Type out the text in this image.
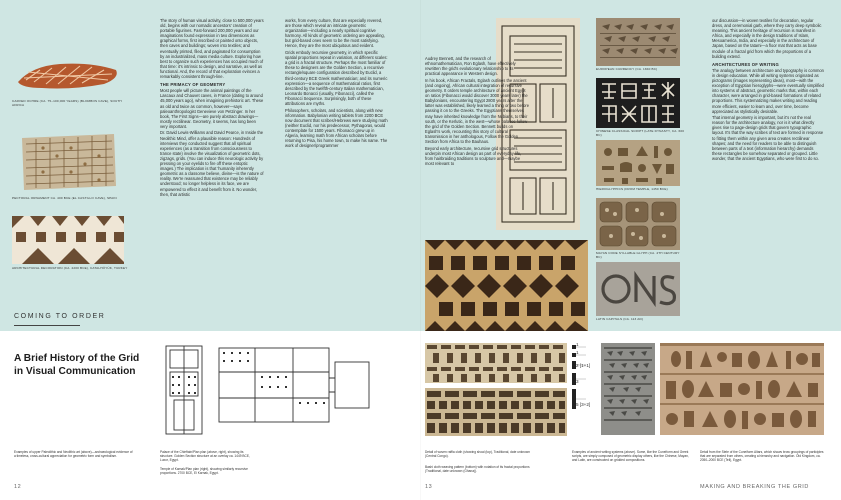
CARVED OCHRE (CA. 75–100,000 YEARS) (BLOMBOS CAVE), SOUTH AFRICA
PECTORAL ORNAMENT CA. 400 BCE (EL CASTILLO CAVE), SPAIN
ARCHITECTURAL DECORATION (CA. 2200 BCE), CATALHÖYÜK, TURKEY

The story of human visual activity, close to 500,000 years old, begins with our nomadic ancestors' creation of portable figurines. Fast-forward 200,000 years and our imaginations found expression in two dimensions as graphical forms, first inscribed or painted onto objects, then caves and buildings; woven into textiles; and eventually printed, filed, and paginated for consumption by an industrialized, mass media culture. Exploring how best to organize such experiences has occupied much of that time: it's intrinsic to design, and narrative, as well as functional. And, the record of that exploration evinces a remarkably consistent through-line.

THE PRIMACY OF GEOMETRY

Most people will picture the animal paintings of the Lascaux and Chauvet caves, in France (dating to around 45,000 years ago), when imagining prehistoric art. These as old and twice as common, however—says paleoanthropologist Genevieve von Petzinger. In her book, The First Signs—are purely abstract drawings—mostly rectilinear. Geometry, it seems, has long been very important.

Dr. David Lewis-Williams and David Pearce, in Inside the Neolithic Mind, offer a plausible reason: Hundreds of interviews they conducted suggest that all spiritual experiences (as a transition from consciousness to trance state) involve the visualization of geometric dots, zigzags, grids. (You can induce this neurologic activity by pressing on your eyelids to fire off these entoptic images.) The implication is that 'humanity inherently geometric as a classome believe, divine—is the nature of reality. We're reassured that existence may be reliably understood; no longer helpless in its face, we are empowered to effect it and benefit from it. No wonder, then, that artistic

works, from every culture, that are especially revered, are those which reveal an intricate geometric organization—including a nearly spiritual cognitive harmony. All kinds of geometric ordering are appealing, but grid-based ones seem to be the most satisfying. Hence, they are the most ubiquitous and evident.

Grids embody recursive geometry, in which specific spatial proportions repeat in variation, at different scales: a grid is a fractal structure. Perhaps the most familiar of these to designers are the Golden Section, a recursive rectangle/square configuration described by Euclid, a third-century BCE Greek mathematician; and its numeric expression—a sequence of mathematical ratios, first described by the twelfth-century Italian mathematician, Leonardo Bonacci (usually, Fibonacci), called the Fibonacci Sequence. Surprisingly, both of these attributions are myths.

Philosophers, scholars, and scientists, along with new information. Babylonian writing tablets from 2200 BCE now document that scribes/Hebrews were studying math (neither Euclid, nor his predecessor, Pythagoras, would contemplate for 1500 years. Fibonacci grew up in Algeria, learning math from African scholars before returning to Pisa, his home town, to make his name. The work of designer/programmer

COMING TO ORDER

Audrey Bennett, and the research of ethnomathematician, Ron Eglash, have effectively rewritten the grid's evolutionary relationship to its practical appearance in Western design.

In his book, African Fractals, Eglash outlines the ancient (and ongoing), African cultural integration of recursive geometry. It orders temple architecture of ancient Egypt on ratios (Fibonacci would discover 3000 years later) the Babylonians, encountering Egypt 2800 years after the latter was established, likely learned a thing or two before passing it on to the Greeks. The Egyptians themselves may have inherited knowledge from the Nubians, to their south, or the Kerlutic, in the west—whose palaces follow the grid of the Golden Section. Bennett builds on Eglash's work, recounting this story of cultural transmission in her anthologous, Follow the Golden Section from Africa to the Bauhaus.

Beyond early architecture, recursive grid structures underpin most African design as part of everyday life, from hairbraiding traditions to sculpture and—maybe most relevant to

EUROPEAN CURRENCY (CA. 1840 BC)
CHINESE CLASSICAL SCRIPT (LATE DYNASTY, CA. 600 BC)
HIEROGLYPHICS (FROM TEMPLE, 1450 BCE)
MAYAN CODE SYLLABLE GLYPH (CA. 4TH CENTURY BC)
LATIN CAPITALS (CA. 113 AD)

our discussion—in woven textiles for decoration, regular dress, and ceremonial garb, where they carry deep symbolic meaning. This ancient heritage of recursion is manifest in Africa, and especially in the design traditions of Islam, Mesoamerica, India, and especially in the architecture of Japan, based on the tatami—a floor mat that acts as base module of a fractal grid from which the proportions of a building extend.

ARCHITECTURES OF WRITING

The analogy between architecture and typography is common in design education. While all writing systems originated as pictograms (images representing ideas), most—with the exception of Egyptian hieroglyphs—were eventually simplified into systems of abstract, geometric marks that, within each character, were arranged in grid-based formations of related proportions. This systematizing makes writing and reading more efficient, easier to learn and, over time, become appreciated as stylistically desirable.

That internal geometry is important, but it's not the real reason for the architecture analogy, nor is it what directly gives rise to page-design grids that govern typographic layout. It's that the way scribes of text are formed in response to fitting them within any given area creates rectilinear shapes; and the need for readers to be able to distinguish between parts of a text (information hierarchy) demands these rectangles be somehow separated or grouped. Little wonder, that the ancient Egyptians, who were first to do so.

A Brief History of the Grid
in Visual Communication
Examples of upper Paleolithic and Neolithic art (above)—archaeological evidence of a timeless, cross-cultural appreciation for geometric form and symbolism.
Palace of the Chieftain/Plan plan (above, right), showing its structure. Golden Section structure at an overlay ca. 1449 BCE, Luxor, Egypt.
Temple of Karnak/Plan plan (right), showing similarly recursive proportions. 2700 BCE, El Karnak, Egypt.
12
1
1
2 [1+1]
3
5 [3+2]
Detail of woven raffia cloth (showing shoal (top), Traditional, date unknown (Central Congo).
Bashi cloth weaving pattern (bottom) with notation of its fractal proportions (Traditional, date unknown (Ghana)).
Examples of ancient writing systems (above). Some, like the Cuneiform and Greek scripts, are simply composed of geometric display others, like the Chinese, Mayan, and Latin, are constructed on gridded compositions.
Detail from the Stele of the Cuneiform Altars, which shows brow groupings of participles that are separated from others, creating a hierarchy and navigation. Old Kingdom, ca. 2050–2000 BCE (Tell), Egypt.
13	MAKING AND BREAKING THE GRID
